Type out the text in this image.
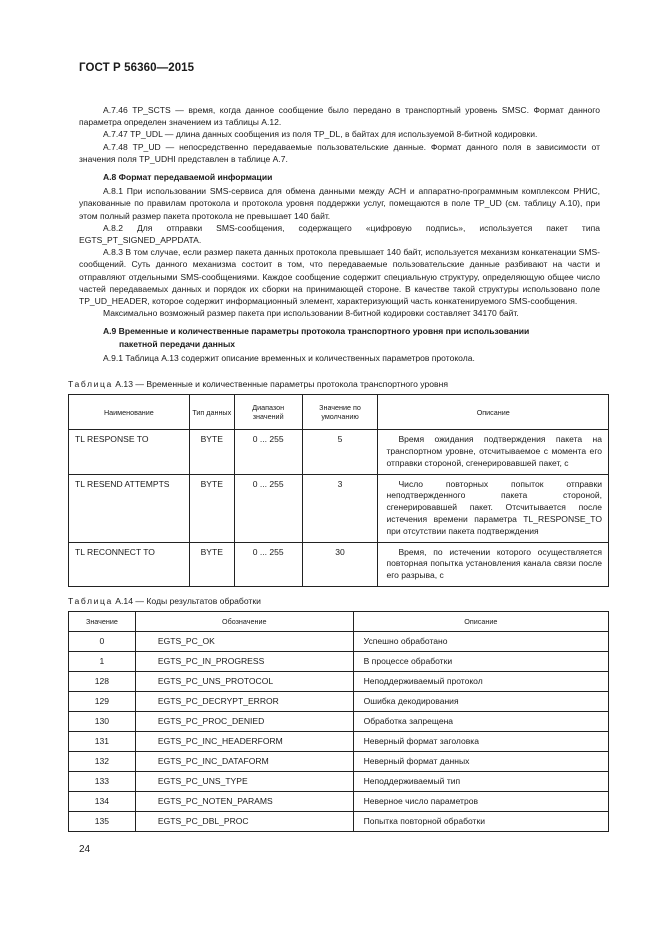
ГОСТ Р 56360—2015

А.7.46 TP_SCTS — время, когда данное сообщение было передано в транспортный уровень SMSC. Формат данного параметра определен значением из таблицы А.12.

А.7.47 TP_UDL — длина данных сообщения из поля TP_DL, в байтах для используемой 8-битной кодировки.

А.7.48 TP_UD — непосредственно передаваемые пользовательские данные. Формат данного поля в зависимости от значения поля TP_UDHI представлен в таблице А.7.

А.8 Формат передаваемой информации

А.8.1 При использовании SMS-сервиса для обмена данными между АСН и аппаратно-программным комплексом РНИС, упакованные по правилам протокола и протокола уровня поддержки услуг, помещаются в поле TP_UD (см. таблицу А.10), при этом полный размер пакета протокола не превышает 140 байт.

А.8.2 Для отправки SMS-сообщения, содержащего «цифровую подпись», используется пакет типа EGTS_PT_SIGNED_APPDATA.

А.8.3 В том случае, если размер пакета данных протокола превышает 140 байт, используется механизм конкатенации SMS-сообщений. Суть данного механизма состоит в том, что передаваемые пользовательские данные разбивают на части и отправляют отдельными SMS-сообщениями. Каждое сообщение содержит специальную структуру, определяющую общее число частей передаваемых данных и порядок их сборки на принимающей стороне. В качестве такой структуры использовано поле TP_UD_HEADER, которое содержит информационный элемент, характеризующий часть конкатенируемого SMS-сообщения.

Максимально возможный размер пакета при использовании 8-битной кодировки составляет 34170 байт.

А.9 Временные и количественные параметры протокола транспортного уровня при использовании
пакетной передачи данных

А.9.1 Таблица А.13 содержит описание временных и количественных параметров протокола.

Таблица А.13 — Временные и количественные параметры протокола транспортного уровня
Наименование	Тип данных	Диапазон значений	Значение по умолчанию	Описание
TL RESPONSE TO	BYTE	0 ... 255	5	Время ожидания подтверждения пакета на транспортном уровне, отсчитываемое с момента его отправки стороной, сгенерировавшей пакет, с
TL RESEND ATTEMPTS	BYTE	0 ... 255	3	Число повторных попыток отправки неподтвержденного пакета стороной, сгенерировавшей пакет. Отсчитывается после истечения времени параметра TL_RESPONSE_TO при отсутствии пакета подтверждения
TL RECONNECT TO	BYTE	0 ... 255	30	Время, по истечении которого осуществляется повторная попытка установления канала связи после его разрыва, с
Таблица А.14 — Коды результатов обработки
Значение	Обозначение	Описание
0	EGTS_PC_OK	Успешно обработано
1	EGTS_PC_IN_PROGRESS	В процессе обработки
128	EGTS_PC_UNS_PROTOCOL	Неподдерживаемый протокол
129	EGTS_PC_DECRYPT_ERROR	Ошибка декодирования
130	EGTS_PC_PROC_DENIED	Обработка запрещена
131	EGTS_PC_INC_HEADERFORM	Неверный формат заголовка
132	EGTS_PC_INC_DATAFORM	Неверный формат данных
133	EGTS_PC_UNS_TYPE	Неподдерживаемый тип
134	EGTS_PC_NOTEN_PARAMS	Неверное число параметров
135	EGTS_PC_DBL_PROC	Попытка повторной обработки
24
